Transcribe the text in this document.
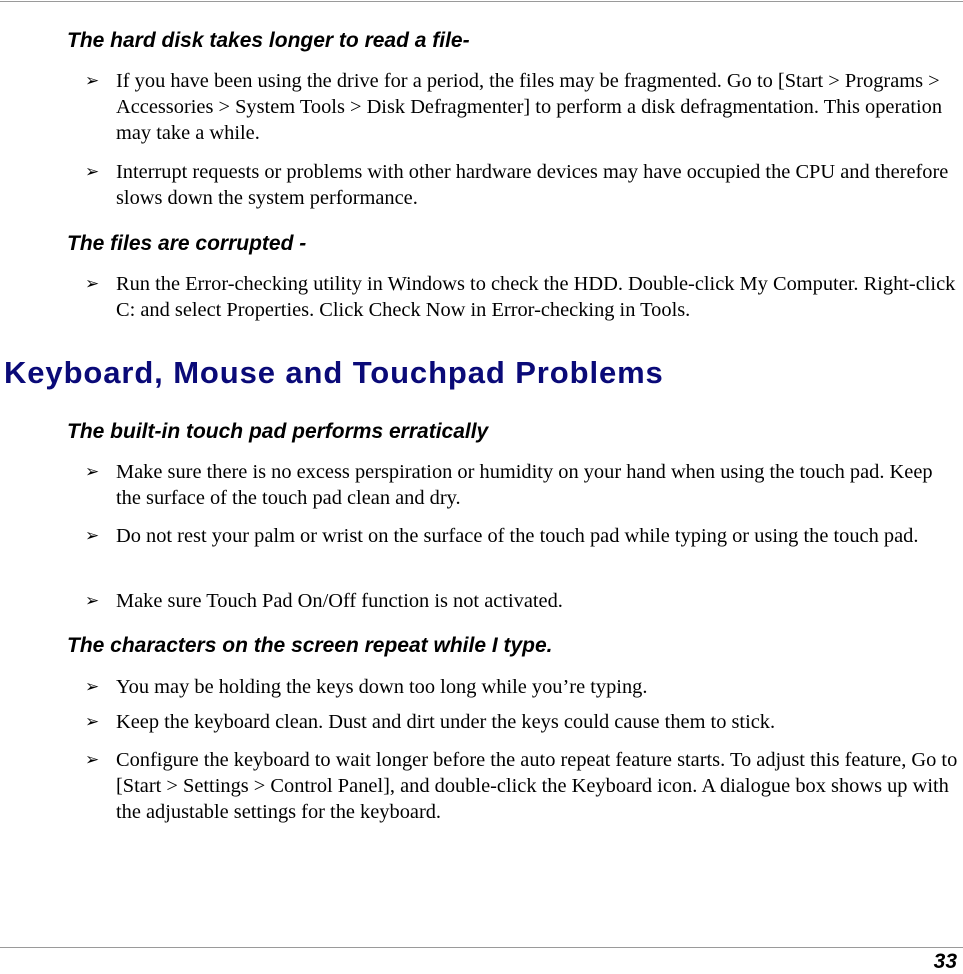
The hard disk takes longer to read a file-
➢ If you have been using the drive for a period, the files may be fragmented. Go to [Start > Programs > Accessories > System Tools > Disk Defragmenter] to perform a disk defragmentation. This operation may take a while.
➢ Interrupt requests or problems with other hardware devices may have occupied the CPU and therefore slows down the system performance.
The files are corrupted -
➢ Run the Error-checking utility in Windows to check the HDD. Double-click My Computer. Right-click C: and select Properties. Click Check Now in Error-checking in Tools.
Keyboard, Mouse and Touchpad Problems
The built-in touch pad performs erratically
➢ Make sure there is no excess perspiration or humidity on your hand when using the touch pad. Keep the surface of the touch pad clean and dry.
➢ Do not rest your palm or wrist on the surface of the touch pad while typing or using the touch pad.
➢ Make sure Touch Pad On/Off function is not activated.
The characters on the screen repeat while I type.
➢ You may be holding the keys down too long while you’re typing.
➢ Keep the keyboard clean. Dust and dirt under the keys could cause them to stick.
➢ Configure the keyboard to wait longer before the auto repeat feature starts. To adjust this feature, Go to [Start > Settings > Control Panel], and double-click the Keyboard icon. A dialogue box shows up with the adjustable settings for the keyboard.
33
